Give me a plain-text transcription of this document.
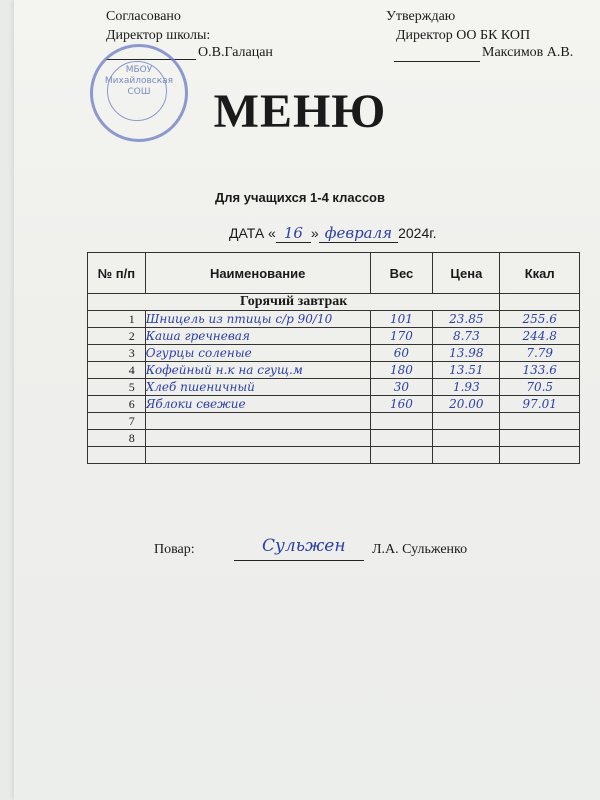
Согласовано
Директор школы:
О.В.Галацан
МБОУ
Михайловская
СОШ
Утверждаю
Директор ОО БК КОП
Максимов А.В.
МЕНЮ
Для учащихся 1-4 классов
ДАТА « 16 » февраля 2024г.
№ п/п	Наименование	Вес	Цена	Ккал
Горячий завтрак				
1	Шницель из птицы с/р 90/10	101	23.85	255.6
2	Каша гречневая	170	8.73	244.8
3	Огурцы соленые	60	13.98	7.79
4	Кофейный н.к на сгущ.м	180	13.51	133.6
5	Хлеб пшеничный	30	1.93	70.5
6	Яблоки свежие	160	20.00	97.01
7				
8				

Повар:	Сульжен Л.А. Сульженко
